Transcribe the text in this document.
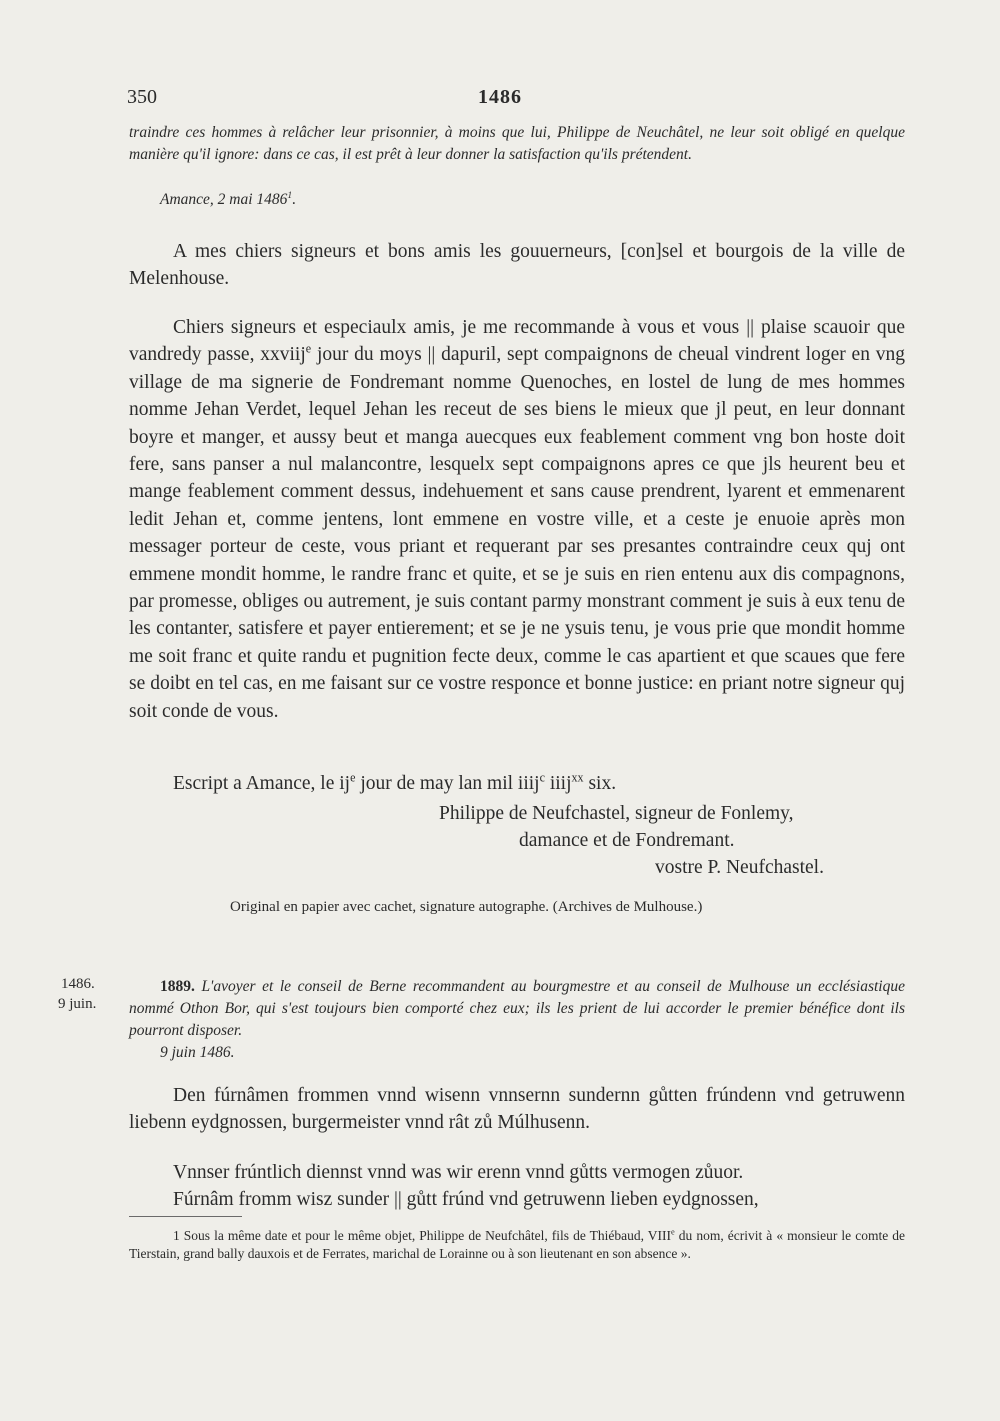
350	1486
traindre ces hommes à relâcher leur prisonnier, à moins que lui, Philippe de Neuchâtel, ne leur soit obligé en quelque manière qu'il ignore: dans ce cas, il est prêt à leur donner la satisfaction qu'ils prétendent.
Amance, 2 mai 1486$^1$.
A mes chiers signeurs et bons amis les gouuerneurs, [con]sel et bourgois de la ville de Melenhouse.
Chiers signeurs et especiaulx amis, je me recommande à vous et vous || plaise scauoir que vandredy passe, xxviij$^e$ jour du moys || dapuril, sept compaignons de cheual vindrent loger en vng village de ma signerie de Fondremant nomme Quenoches, en lostel de lung de mes hommes nomme Jehan Verdet, lequel Jehan les receut de ses biens le mieux que jl peut, en leur donnant boyre et manger, et aussy beut et manga auecques eux feablement comment vng bon hoste doit fere, sans panser a nul malancontre, lesquelx sept compaignons apres ce que jls heurent beu et mange feablement comment dessus, indehuement et sans cause prendrent, lyarent et emmenarent ledit Jehan et, comme jentens, lont emmene en vostre ville, et a ceste je enuoie après mon messager porteur de ceste, vous priant et requerant par ses presantes contraindre ceux quj ont emmene mondit homme, le randre franc et quite, et se je suis en rien entenu aux dis compagnons, par promesse, obliges ou autrement, je suis contant parmy monstrant comment je suis à eux tenu de les contanter, satisfere et payer entierement; et se je ne ysuis tenu, je vous prie que mondit homme me soit franc et quite randu et pugnition fecte deux, comme le cas apartient et que scaues que fere se doibt en tel cas, en me faisant sur ce vostre responce et bonne justice: en priant notre signeur quj soit conde de vous.
Escript a Amance, le $ij^e$ jour de may lan mil iiij$^c$ iiij$^{xx}$ six.
Philippe de Neufchastel, signeur de Fonlemy,
damance et de Fondremant.
vostre P. Neufchastel.
Original en papier avec cachet, signature autographe. (Archives de Mulhouse.)
1486.
9 juin.
1889. L'avoyer et le conseil de Berne recommandent au bourgmestre et au conseil de Mulhouse un ecclésiastique nommé Othon Bor, qui s'est toujours bien comporté chez eux; ils les prient de lui accorder le premier bénéfice dont ils pourront disposer.
9 juin 1486.
Den fúrnâmen frommen vnnd wisenn vnnsernn sundernn gůtten frúndenn vnd getruwenn liebenn eydgnossen, burgermeister vnnd rât zů Múlhusenn.
Vnnser frúntlich diennst vnnd was wir erenn vnnd gůtts vermogen zůuor.
Fúrnâm fromm wisz sunder || gůtt frúnd vnd getruwenn lieben eydgnossen,
1 Sous la même date et pour le même objet, Philippe de Neufchâtel, fils de Thiébaud, VIIIe du nom, écrivit à « monsieur le comte de Tierstain, grand bally dauxois et de Ferrates, marichal de Lorainne ou à son lieutenant en son absence ».
